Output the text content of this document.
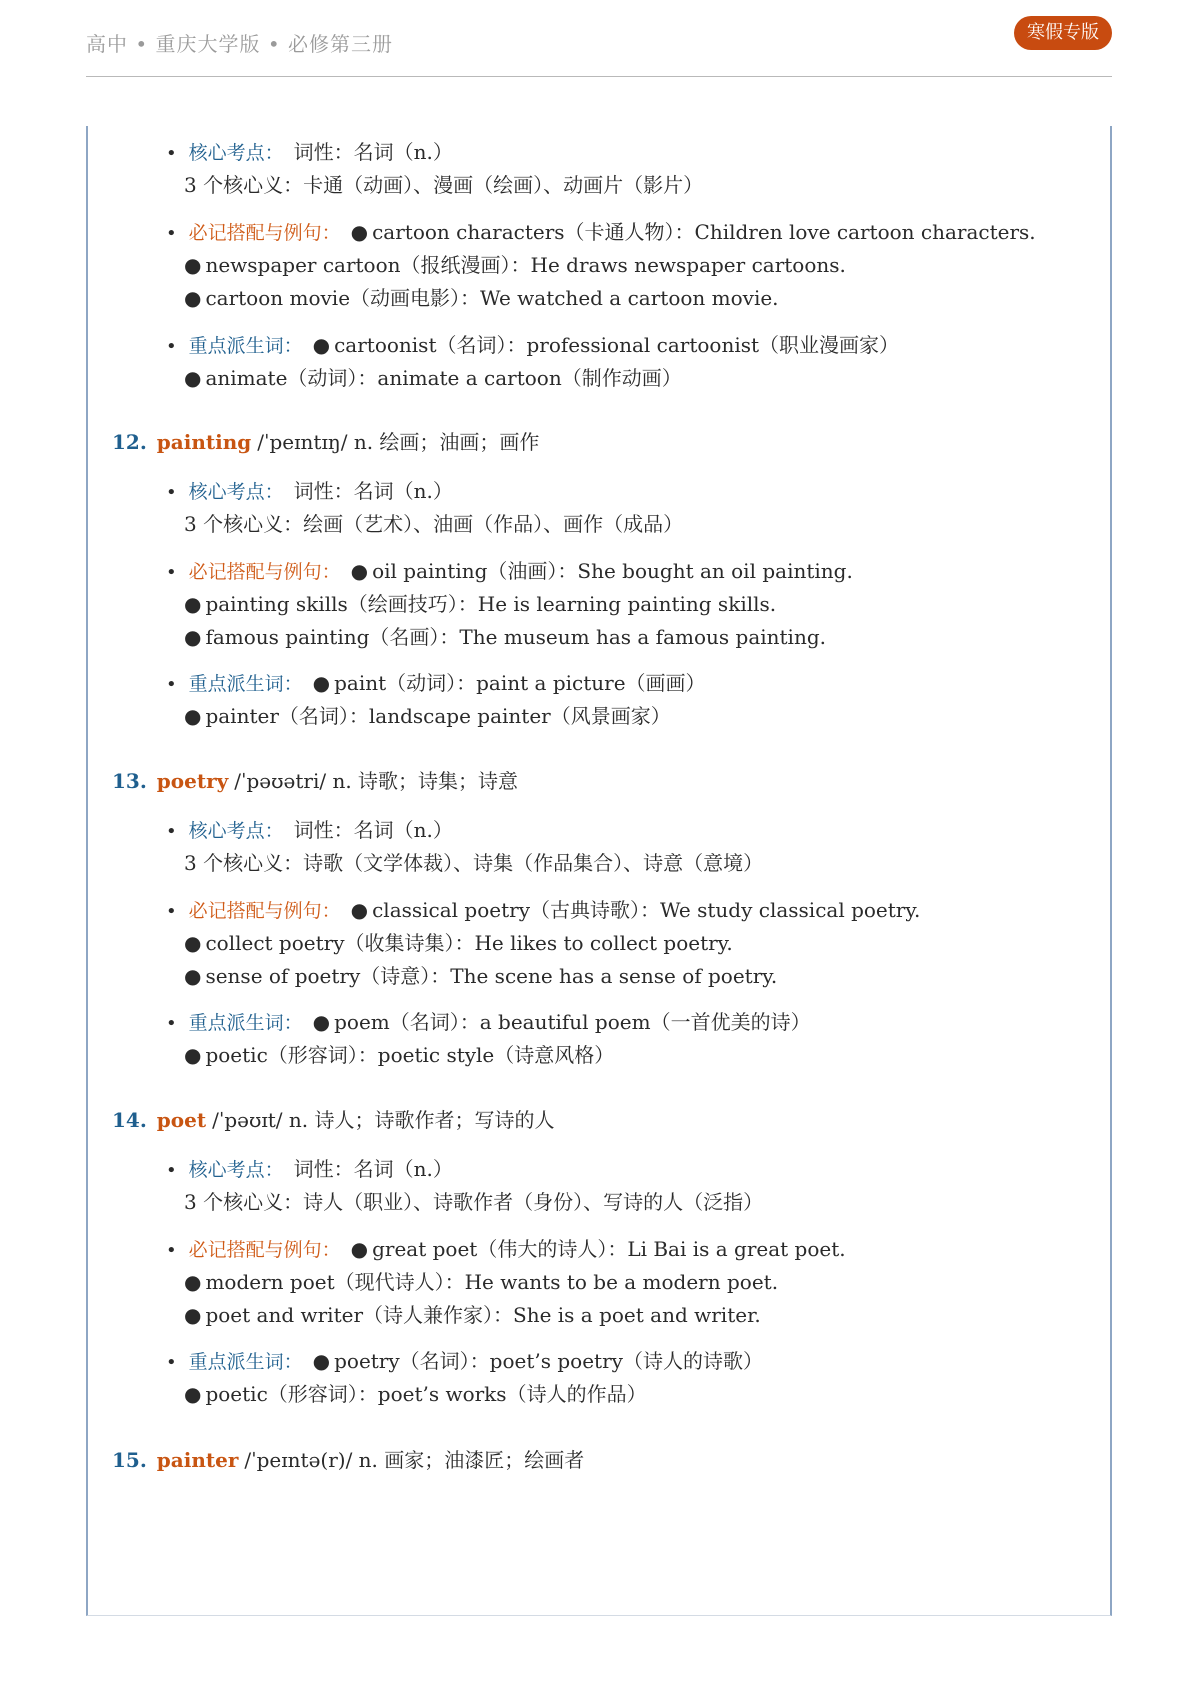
高中 • 重庆大学版 • 必修第三册	寒假专版
• 核心考点： 词性：名词（n.）
3 个核心义：卡通（动画）、漫画（绘画）、动画片（影片）
• 必记搭配与例句： ● cartoon characters（卡通人物）：Children love cartoon characters.
● newspaper cartoon（报纸漫画）：He draws newspaper cartoons.
● cartoon movie（动画电影）：We watched a cartoon movie.
• 重点派生词： ● cartoonist（名词）：professional cartoonist（职业漫画家）
● animate（动词）：animate a cartoon（制作动画）
12. painting /ˈpeɪntɪŋ/ n. 绘画；油画；画作
• 核心考点： 词性：名词（n.）
3 个核心义：绘画（艺术）、油画（作品）、画作（成品）
• 必记搭配与例句： ● oil painting（油画）：She bought an oil painting.
● painting skills（绘画技巧）：He is learning painting skills.
● famous painting（名画）：The museum has a famous painting.
• 重点派生词： ● paint（动词）：paint a picture（画画）
● painter（名词）：landscape painter（风景画家）
13. poetry /ˈpəʊətri/ n. 诗歌；诗集；诗意
• 核心考点： 词性：名词（n.）
3 个核心义：诗歌（文学体裁）、诗集（作品集合）、诗意（意境）
• 必记搭配与例句： ● classical poetry（古典诗歌）：We study classical poetry.
● collect poetry（收集诗集）：He likes to collect poetry.
● sense of poetry（诗意）：The scene has a sense of poetry.
• 重点派生词： ● poem（名词）：a beautiful poem（一首优美的诗）
● poetic（形容词）：poetic style（诗意风格）
14. poet /ˈpəʊɪt/ n. 诗人；诗歌作者；写诗的人
• 核心考点： 词性：名词（n.）
3 个核心义：诗人（职业）、诗歌作者（身份）、写诗的人（泛指）
• 必记搭配与例句： ● great poet（伟大的诗人）：Li Bai is a great poet.
● modern poet（现代诗人）：He wants to be a modern poet.
● poet and writer（诗人兼作家）：She is a poet and writer.
• 重点派生词： ● poetry（名词）：poet’s poetry（诗人的诗歌）
● poetic（形容词）：poet’s works（诗人的作品）
15. painter /ˈpeɪntə(r)/ n. 画家；油漆匠；绘画者
